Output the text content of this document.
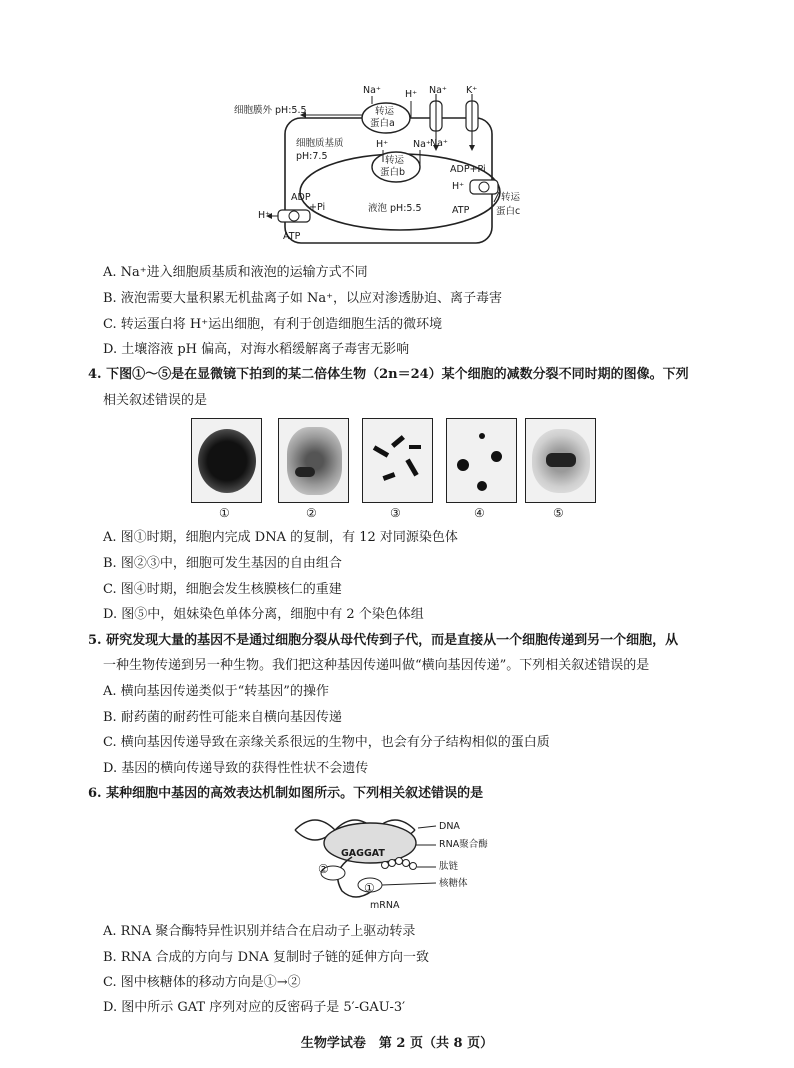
细胞膜外 pH:5.5
Na⁺	H⁺ Na⁺ K⁺
转运
蛋白a
Na⁺
细胞质基质
pH:7.5
H⁺	Na⁺
转运
蛋白b	ADP+Pi
H⁺
转运
蛋白c
ADP
+Pi	液泡 pH:5.5	ATP
H⁺
ATP
A. Na⁺进入细胞质基质和液泡的运输方式不同
B. 液泡需要大量积累无机盐离子如 Na⁺，以应对渗透胁迫、离子毒害
C. 转运蛋白将 H⁺运出细胞，有利于创造细胞生活的微环境
D. 土壤溶液 pH 偏高，对海水稻缓解离子毒害无影响
4. 下图①～⑤是在显微镜下拍到的某二倍体生物（2n＝24）某个细胞的减数分裂不同时期的图像。下列
相关叙述错误的是
①	②	③	④	⑤
A. 图①时期，细胞内完成 DNA 的复制，有 12 对同源染色体
B. 图②③中，细胞可发生基因的自由组合
C. 图④时期，细胞会发生核膜核仁的重建
D. 图⑤中，姐妹染色单体分离，细胞中有 2 个染色体组
5. 研究发现大量的基因不是通过细胞分裂从母代传到子代，而是直接从一个细胞传递到另一个细胞，从
一种生物传递到另一种生物。我们把这种基因传递叫做“横向基因传递”。下列相关叙述错误的是
A. 横向基因传递类似于“转基因”的操作
B. 耐药菌的耐药性可能来自横向基因传递
C. 横向基因传递导致在亲缘关系很远的生物中，也会有分子结构相似的蛋白质
D. 基因的横向传递导致的获得性性状不会遗传
6. 某种细胞中基因的高效表达机制如图所示。下列相关叙述错误的是
DNA
RNA聚合酶
GAGGAT
肽链
②
核糖体
①
mRNA
A. RNA 聚合酶特异性识别并结合在启动子上驱动转录
B. RNA 合成的方向与 DNA 复制时子链的延伸方向一致
C. 图中核糖体的移动方向是①→②
D. 图中所示 GAT 序列对应的反密码子是 5′-GAU-3′
生物学试卷　第 2 页（共 8 页）
